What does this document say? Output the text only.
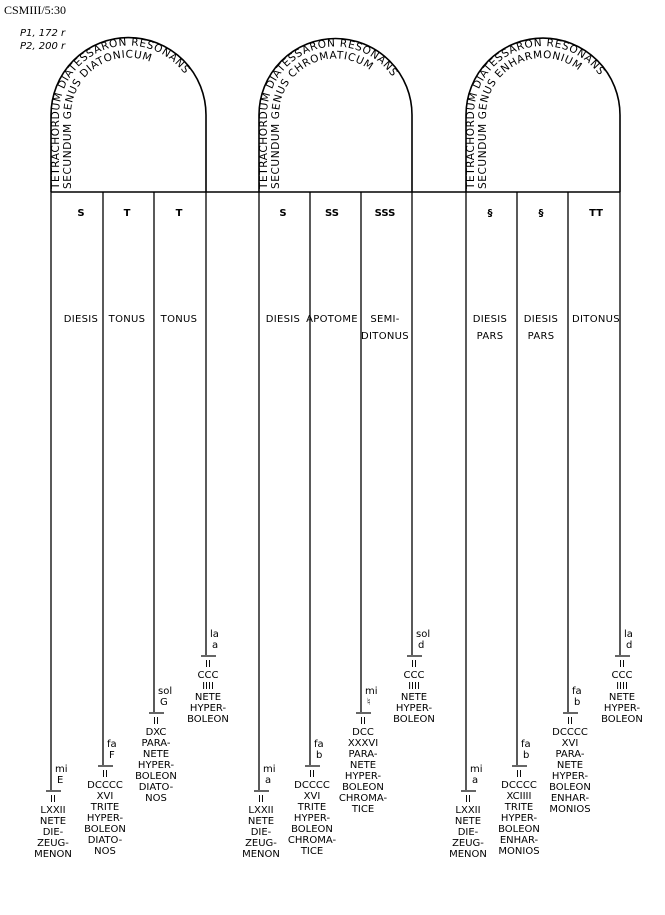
CSMIII/5:30
P1, 172 r
P2, 200 r
TETRACHORDUM DIATESSARON RESONANS
SECUNDUM GENUS DIATONICUM
S
DIESIS
T
TONUS
T
TONUS
mi
E
II
LXXII
NETE
DIE-
ZEUG-
MENON
fa
F
II
DCCCC
XVI
TRITE
HYPER-
BOLEON
DIATO-
NOS
sol
G
II
DXC
PARA-
NETE
HYPER-
BOLEON
DIATO-
NOS
la
a
II
CCC
IIII
NETE
HYPER-
BOLEON
TETRACHORDUM DIATESSARON RESONANS
SECUNDUM GENUS CHROMATICUM
S
DIESIS
SS
APOTOME
SSS
SEMI-
DITONUS
mi
a
II
LXXII
NETE
DIE-
ZEUG-
MENON
fa
b
II
DCCCC
XVI
TRITE
HYPER-
BOLEON
CHROMA-
TICE
mi
♮
II
DCC
XXXVI
PARA-
NETE
HYPER-
BOLEON
CHROMA-
TICE
sol
d
II
CCC
IIII
NETE
HYPER-
BOLEON
TETRACHORDUM DIATESSARON RESONANS
SECUNDUM GENUS ENHARMONIUM
§
DIESIS
PARS
§
DIESIS
PARS
TT
DITONUS
mi
a
II
LXXII
NETE
DIE-
ZEUG-
MENON
fa
b
II
DCCCC
XCIIII
TRITE
HYPER-
BOLEON
ENHAR-
MONIOS
fa
b
II
DCCCC
XVI
PARA-
NETE
HYPER-
BOLEON
ENHAR-
MONIOS
la
d
II
CCC
IIII
NETE
HYPER-
BOLEON
